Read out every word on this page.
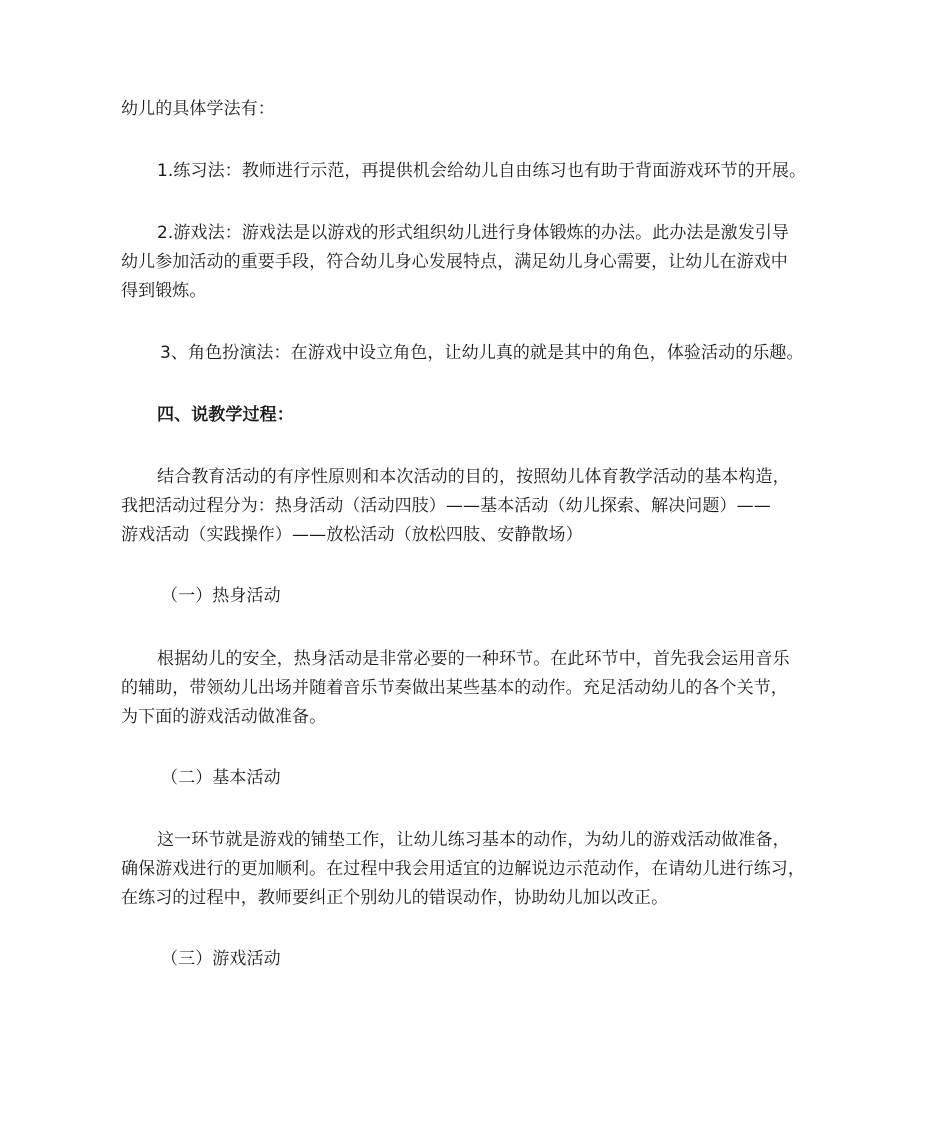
幼儿的具体学法有：

1.练习法：教师进行示范，再提供机会给幼儿自由练习也有助于背面游戏环节的开展。

2.游戏法：游戏法是以游戏的形式组织幼儿进行身体锻炼的办法。此办法是激发引导
幼儿参加活动的重要手段，符合幼儿身心发展特点，满足幼儿身心需要，让幼儿在游戏中
得到锻炼。

3、角色扮演法：在游戏中设立角色，让幼儿真的就是其中的角色，体验活动的乐趣。

四、说教学过程：

结合教育活动的有序性原则和本次活动的目的，按照幼儿体育教学活动的基本构造，
我把活动过程分为：热身活动（活动四肢）——基本活动（幼儿探索、解决问题）——
游戏活动（实践操作）——放松活动（放松四肢、安静散场）

（一）热身活动

根据幼儿的安全，热身活动是非常必要的一种环节。在此环节中，首先我会运用音乐
的辅助，带领幼儿出场并随着音乐节奏做出某些基本的动作。充足活动幼儿的各个关节，
为下面的游戏活动做准备。

（二）基本活动

这一环节就是游戏的铺垫工作，让幼儿练习基本的动作，为幼儿的游戏活动做准备，
确保游戏进行的更加顺利。在过程中我会用适宜的边解说边示范动作，在请幼儿进行练习，
在练习的过程中，教师要纠正个别幼儿的错误动作，协助幼儿加以改正。

（三）游戏活动
